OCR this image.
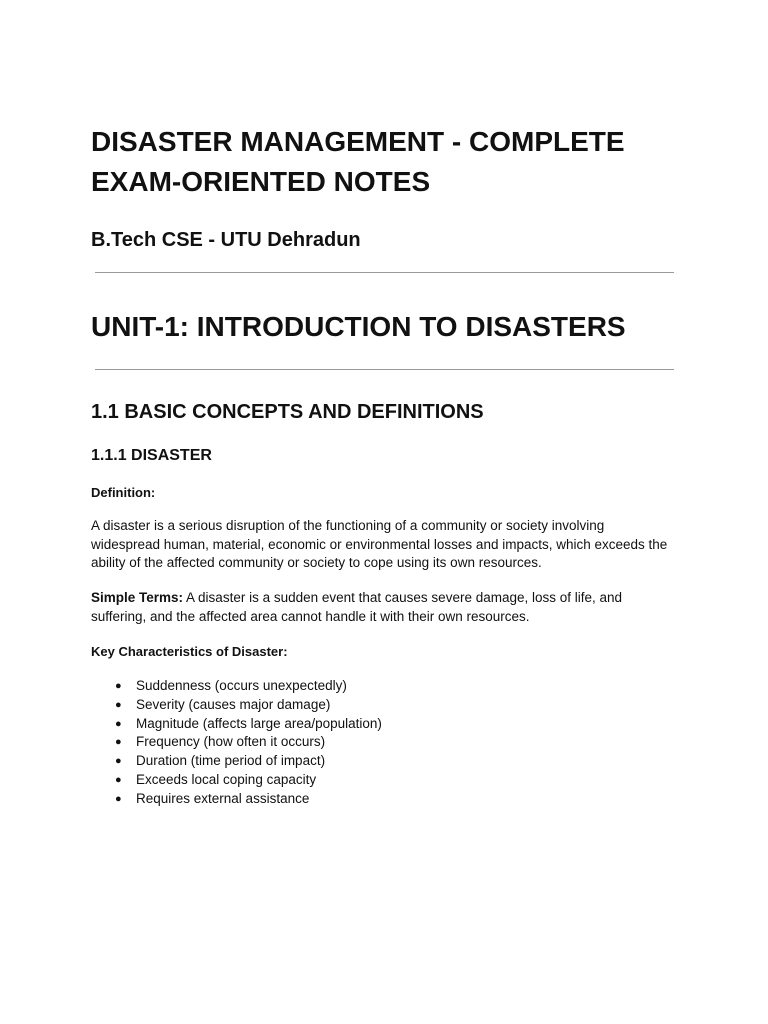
DISASTER MANAGEMENT - COMPLETE EXAM-ORIENTED NOTES
B.Tech CSE - UTU Dehradun
UNIT-1: INTRODUCTION TO DISASTERS
1.1 BASIC CONCEPTS AND DEFINITIONS
1.1.1 DISASTER

Definition:

A disaster is a serious disruption of the functioning of a community or society involving widespread human, material, economic or environmental losses and impacts, which exceeds the ability of the affected community or society to cope using its own resources.

Simple Terms: A disaster is a sudden event that causes severe damage, loss of life, and suffering, and the affected area cannot handle it with their own resources.

Key Characteristics of Disaster:

● Suddenness (occurs unexpectedly)
● Severity (causes major damage)
● Magnitude (affects large area/population)
● Frequency (how often it occurs)
● Duration (time period of impact)
● Exceeds local coping capacity
● Requires external assistance
